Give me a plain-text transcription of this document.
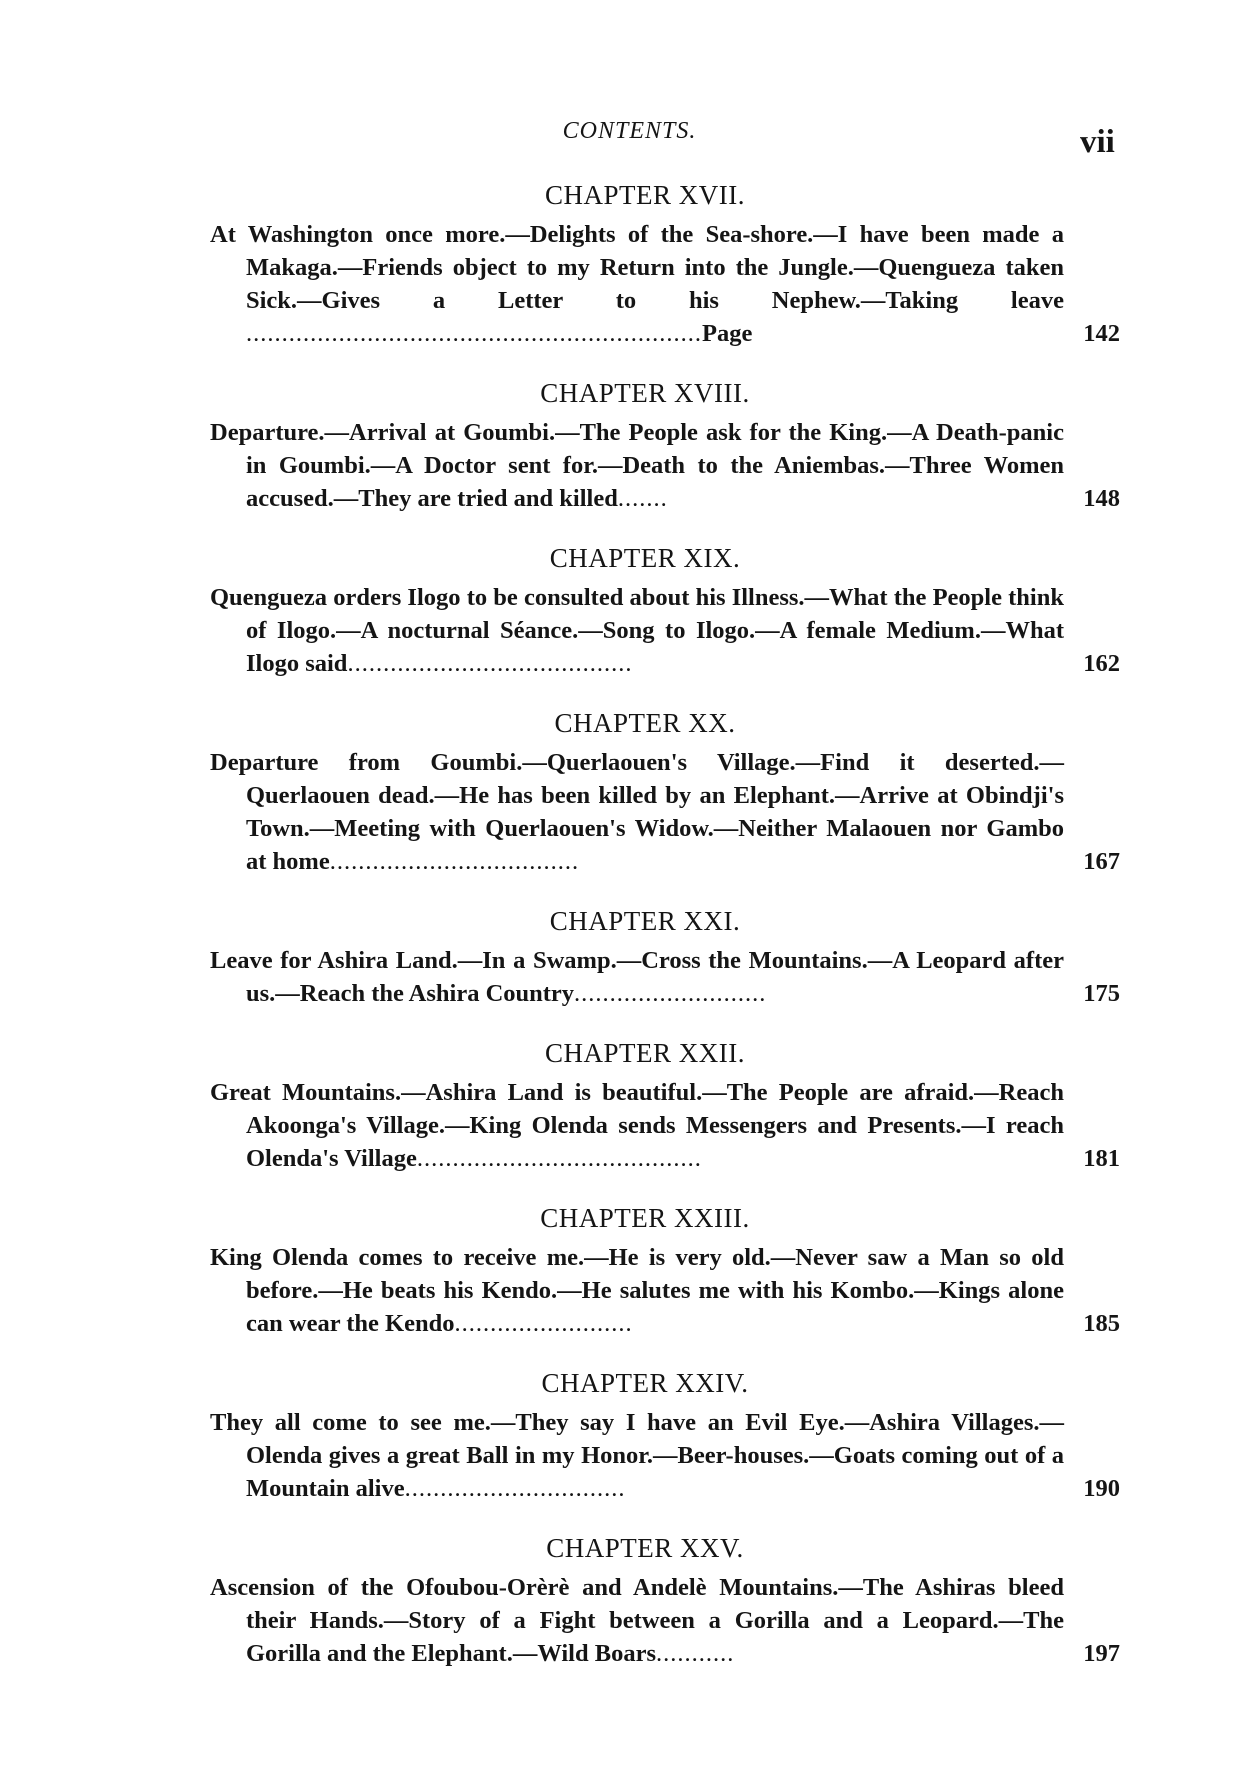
CONTENTS.	vii
CHAPTER XVII.
At Washington once more.—Delights of the Sea-shore.—I have been made a Makaga.—Friends object to my Return into the Jungle.—Quengueza taken Sick.—Gives a Letter to his Nephew.—Taking leave ................................................................Page	142
CHAPTER XVIII.
Departure.—Arrival at Goumbi.—The People ask for the King.—A Death-panic in Goumbi.—A Doctor sent for.—Death to the Aniembas.—Three Women accused.—They are tried and killed.......	148
CHAPTER XIX.
Quengueza orders Ilogo to be consulted about his Illness.—What the People think of Ilogo.—A nocturnal Séance.—Song to Ilogo.—A female Medium.—What Ilogo said........................................	162
CHAPTER XX.
Departure from Goumbi.—Querlaouen's Village.—Find it deserted.—Querlaouen dead.—He has been killed by an Elephant.—Arrive at Obindji's Town.—Meeting with Querlaouen's Widow.—Neither Malaouen nor Gambo at home...................................	167
CHAPTER XXI.
Leave for Ashira Land.—In a Swamp.—Cross the Mountains.—A Leopard after us.—Reach the Ashira Country...........................	175
CHAPTER XXII.
Great Mountains.—Ashira Land is beautiful.—The People are afraid.—Reach Akoonga's Village.—King Olenda sends Messengers and Presents.—I reach Olenda's Village........................................	181
CHAPTER XXIII.
King Olenda comes to receive me.—He is very old.—Never saw a Man so old before.—He beats his Kendo.—He salutes me with his Kombo.—Kings alone can wear the Kendo.........................	185
CHAPTER XXIV.
They all come to see me.—They say I have an Evil Eye.—Ashira Villages.—Olenda gives a great Ball in my Honor.—Beer-houses.—Goats coming out of a Mountain alive...............................	190
CHAPTER XXV.
Ascension of the Ofoubou-Orèrè and Andelè Mountains.—The Ashiras bleed their Hands.—Story of a Fight between a Gorilla and a Leopard.—The Gorilla and the Elephant.—Wild Boars...........	197
